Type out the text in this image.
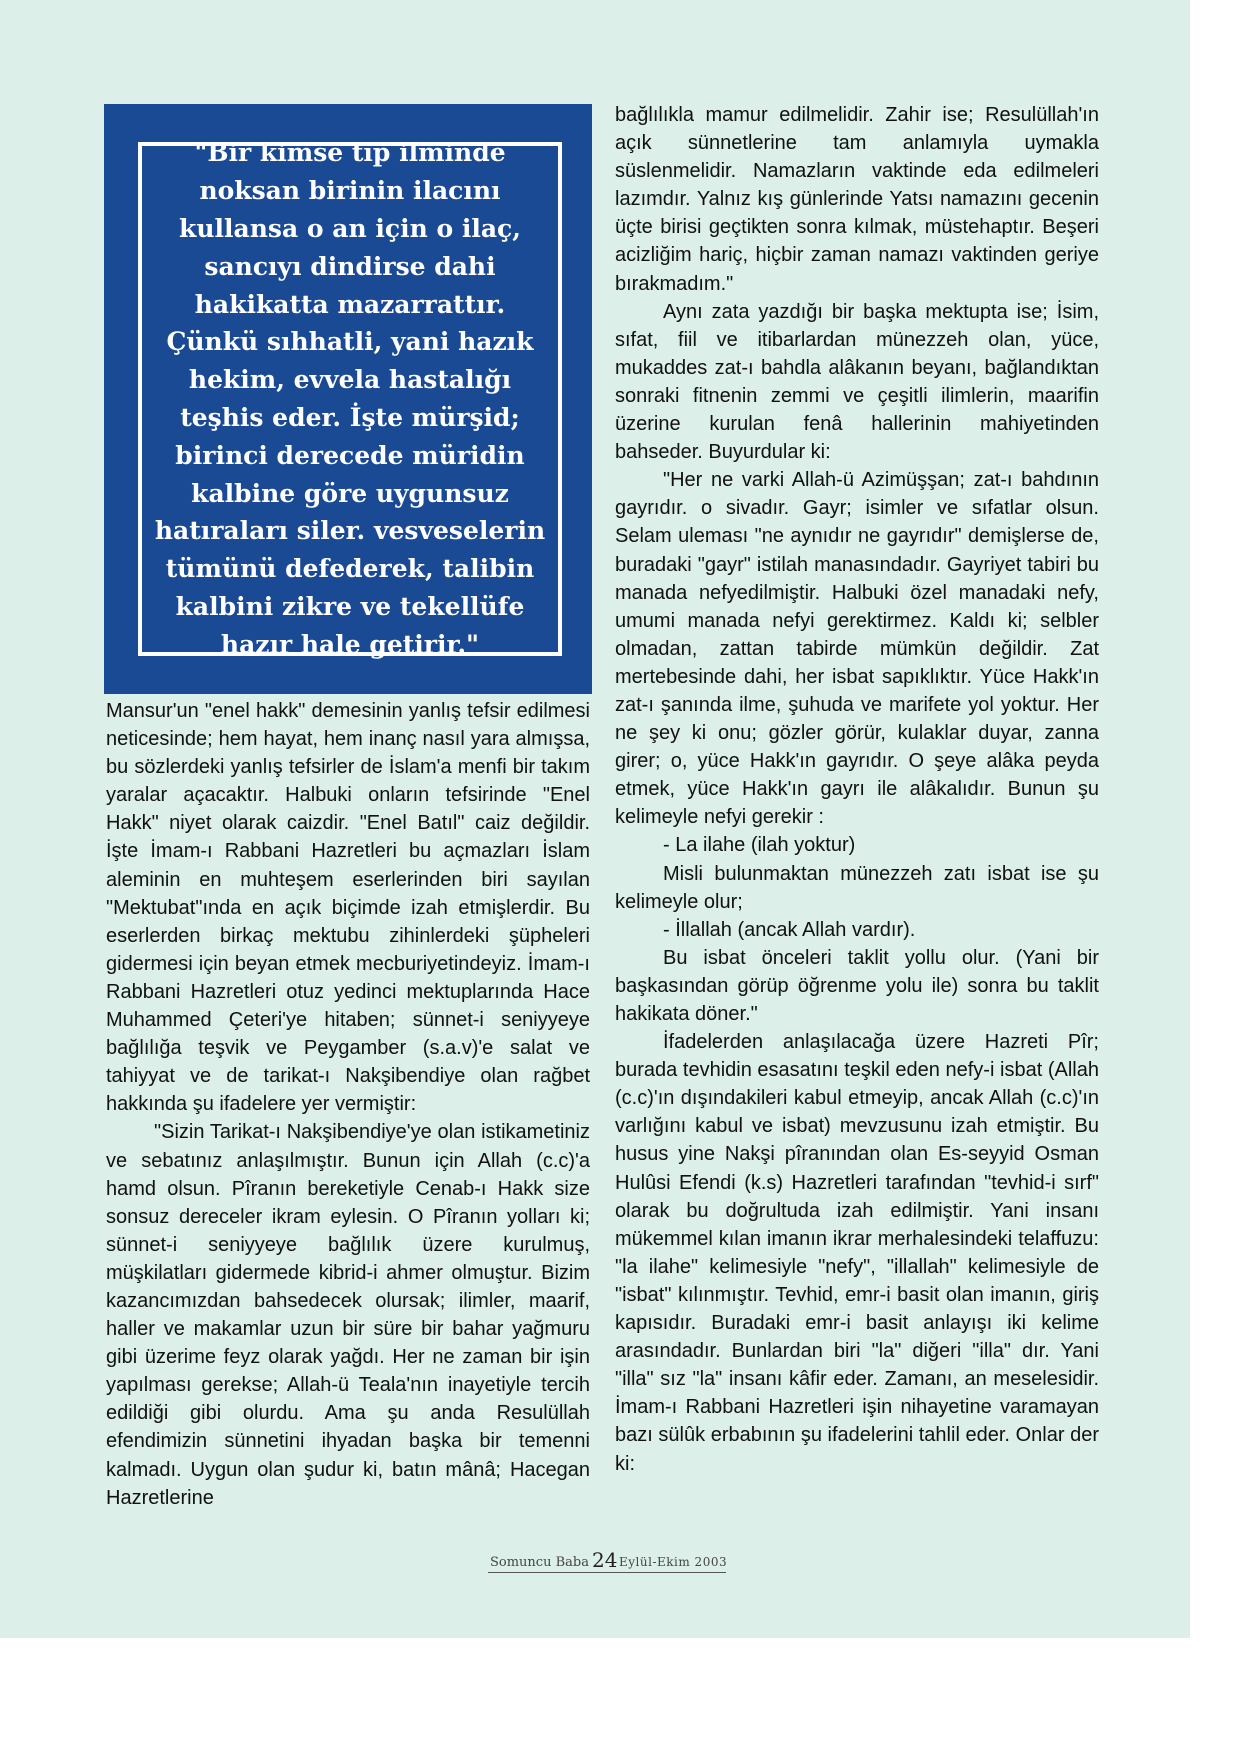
"Bir kimse tıp ilminde noksan birinin ilacını kullansa o an için o ilaç, sancıyı dindirse dahi hakikatta mazarrattır. Çünkü sıhhatli, yani hazık hekim, evvela hastalığı teşhis eder. İşte mürşid; birinci derecede müridin kalbine göre uygunsuz hatıraları siler. vesveselerin tümünü defederek, talibin kalbini zikre ve tekellüfe hazır hale getirir."

Mansur'un "enel hakk" demesinin yanlış tefsir edilmesi neticesinde; hem hayat, hem inanç nasıl yara almışsa, bu sözlerdeki yanlış tefsirler de İslam'a menfi bir takım yaralar açacaktır. Halbuki onların tefsirinde "Enel Hakk" niyet olarak caizdir. "Enel Batıl" caiz değildir. İşte İmam-ı Rabbani Hazretleri bu açmazları İslam aleminin en muhteşem eserlerinden biri sayılan "Mektubat"ında en açık biçimde izah etmişlerdir. Bu eserlerden birkaç mektubu zihinlerdeki şüpheleri gidermesi için beyan etmek mecburiyetindeyiz. İmam-ı Rabbani Hazretleri otuz yedinci mektuplarında Hace Muhammed Çeteri'ye hitaben; sünnet-i seniyyeye bağlılığa teşvik ve Peygamber (s.a.v)'e salat ve tahiyyat ve de tarikat-ı Nakşibendiye olan rağbet hakkında şu ifadelere yer vermiştir:

"Sizin Tarikat-ı Nakşibendiye'ye olan istikametiniz ve sebatınız anlaşılmıştır. Bunun için Allah (c.c)'a hamd olsun. Pîranın bereketiyle Cenab-ı Hakk size sonsuz dereceler ikram eylesin. O Pîranın yolları ki; sünnet-i seniyyeye bağlılık üzere kurulmuş, müşkilatları gidermede kibrid-i ahmer olmuştur. Bizim kazancımızdan bahsedecek olursak; ilimler, maarif, haller ve makamlar uzun bir süre bir bahar yağmuru gibi üzerime feyz olarak yağdı. Her ne zaman bir işin yapılması gerekse; Allah-ü Teala'nın inayetiyle tercih edildiği gibi olurdu. Ama şu anda Resulüllah efendimizin sünnetini ihyadan başka bir temenni kalmadı. Uygun olan şudur ki, batın mânâ; Hacegan Hazretlerine

bağlılıkla mamur edilmelidir. Zahir ise; Resulüllah'ın açık sünnetlerine tam anlamıyla uymakla süslenmelidir. Namazların vaktinde eda edilmeleri lazımdır. Yalnız kış günlerinde Yatsı namazını gecenin üçte birisi geçtikten sonra kılmak, müstehaptır. Beşeri acizliğim hariç, hiçbir zaman namazı vaktinden geriye bırakmadım."

Aynı zata yazdığı bir başka mektupta ise; İsim, sıfat, fiil ve itibarlardan münezzeh olan, yüce, mukaddes zat-ı bahdla alâkanın beyanı, bağlandıktan sonraki fitnenin zemmi ve çeşitli ilimlerin, maarifin üzerine kurulan fenâ hallerinin mahiyetinden bahseder. Buyurdular ki:

"Her ne varki Allah-ü Azimüşşan; zat-ı bahdının gayrıdır. o sivadır. Gayr; isimler ve sıfatlar olsun. Selam uleması "ne aynıdır ne gayrıdır" demişlerse de, buradaki "gayr" istilah manasındadır. Gayriyet tabiri bu manada nefyedilmiştir. Halbuki özel manadaki nefy, umumi manada nefyi gerektirmez. Kaldı ki; selbler olmadan, zattan tabirde mümkün değildir. Zat mertebesinde dahi, her isbat sapıklıktır. Yüce Hakk'ın zat-ı şanında ilme, şuhuda ve marifete yol yoktur. Her ne şey ki onu; gözler görür, kulaklar duyar, zanna girer; o, yüce Hakk'ın gayrıdır. O şeye alâka peyda etmek, yüce Hakk'ın gayrı ile alâkalıdır. Bunun şu kelimeyle nefyi gerekir :

- La ilahe (ilah yoktur)

Misli bulunmaktan münezzeh zatı isbat ise şu kelimeyle olur;

- İllallah (ancak Allah vardır).

Bu isbat önceleri taklit yollu olur. (Yani bir başkasından görüp öğrenme yolu ile) sonra bu taklit hakikata döner."

İfadelerden anlaşılacağa üzere Hazreti Pîr; burada tevhidin esasatını teşkil eden nefy-i isbat (Allah (c.c)'ın dışındakileri kabul etmeyip, ancak Allah (c.c)'ın varlığını kabul ve isbat) mevzusunu izah etmiştir. Bu husus yine Nakşi pîranından olan Es-seyyid Osman Hulûsi Efendi (k.s) Hazretleri tarafından "tevhid-i sırf" olarak bu doğrultuda izah edilmiştir. Yani insanı mükemmel kılan imanın ikrar merhalesindeki telaffuzu: "la ilahe" kelimesiyle "nefy", "illallah" kelimesiyle de "isbat" kılınmıştır. Tevhid, emr-i basit olan imanın, giriş kapısıdır. Buradaki emr-i basit anlayışı iki kelime arasındadır. Bunlardan biri "la" diğeri "illa" dır. Yani "illa" sız "la" insanı kâfir eder. Zamanı, an meselesidir. İmam-ı Rabbani Hazretleri işin nihayetine varamayan bazı sülûk erbabının şu ifadelerini tahlil eder. Onlar der ki:

Somuncu Baba 24 Eylül-Ekim 2003
